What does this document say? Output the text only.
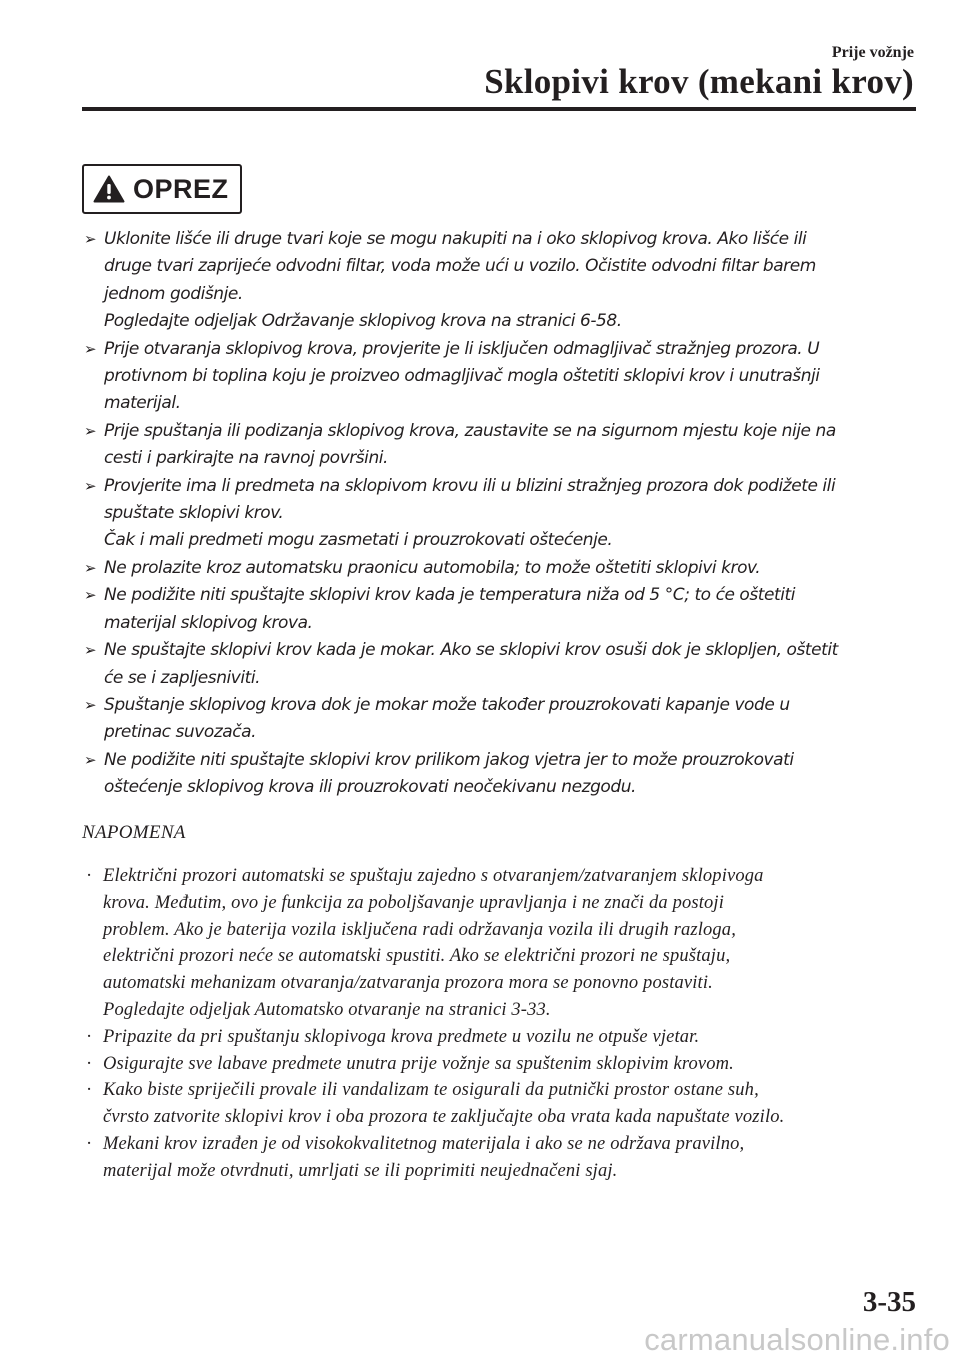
Prije vožnje
Sklopivi krov (mekani krov)
OPREZ
➢ Uklonite lišće ili druge tvari koje se mogu nakupiti na i oko sklopivog krova. Ako lišće ili
druge tvari zaprijeće odvodni filtar, voda može ući u vozilo. Očistite odvodni filtar barem
jednom godišnje.
Pogledajte odjeljak Održavanje sklopivog krova na stranici 6-58.
➢ Prije otvaranja sklopivog krova, provjerite je li isključen odmagljivač stražnjeg prozora. U
protivnom bi toplina koju je proizveo odmagljivač mogla oštetiti sklopivi krov i unutrašnji
materijal.
➢ Prije spuštanja ili podizanja sklopivog krova, zaustavite se na sigurnom mjestu koje nije na
cesti i parkirajte na ravnoj površini.
➢ Provjerite ima li predmeta na sklopivom krovu ili u blizini stražnjeg prozora dok podižete ili
spuštate sklopivi krov.
Čak i mali predmeti mogu zasmetati i prouzrokovati oštećenje.
➢ Ne prolazite kroz automatsku praonicu automobila; to može oštetiti sklopivi krov.
➢ Ne podižite niti spuštajte sklopivi krov kada je temperatura niža od 5 °C; to će oštetiti
materijal sklopivog krova.
➢ Ne spuštajte sklopivi krov kada je mokar. Ako se sklopivi krov osuši dok je sklopljen, oštetit
će se i zapljesniviti.
➢ Spuštanje sklopivog krova dok je mokar može također prouzrokovati kapanje vode u
pretinac suvozača.
➢ Ne podižite niti spuštajte sklopivi krov prilikom jakog vjetra jer to može prouzrokovati
oštećenje sklopivog krova ili prouzrokovati neočekivanu nezgodu.
NAPOMENA
· Električni prozori automatski se spuštaju zajedno s otvaranjem/zatvaranjem sklopivoga
krova. Međutim, ovo je funkcija za poboljšavanje upravljanja i ne znači da postoji
problem. Ako je baterija vozila isključena radi održavanja vozila ili drugih razloga,
električni prozori neće se automatski spustiti. Ako se električni prozori ne spuštaju,
automatski mehanizam otvaranja/zatvaranja prozora mora se ponovno postaviti.
Pogledajte odjeljak Automatsko otvaranje na stranici 3-33.
· Pripazite da pri spuštanju sklopivoga krova predmete u vozilu ne otpuše vjetar.
· Osigurajte sve labave predmete unutra prije vožnje sa spuštenim sklopivim krovom.
· Kako biste spriječili provale ili vandalizam te osigurali da putnički prostor ostane suh,
čvrsto zatvorite sklopivi krov i oba prozora te zaključajte oba vrata kada napuštate vozilo.
· Mekani krov izrađen je od visokokvalitetnog materijala i ako se ne održava pravilno,
materijal može otvrdnuti, umrljati se ili poprimiti neujednačeni sjaj.
3-35
carmanualsonline.info
